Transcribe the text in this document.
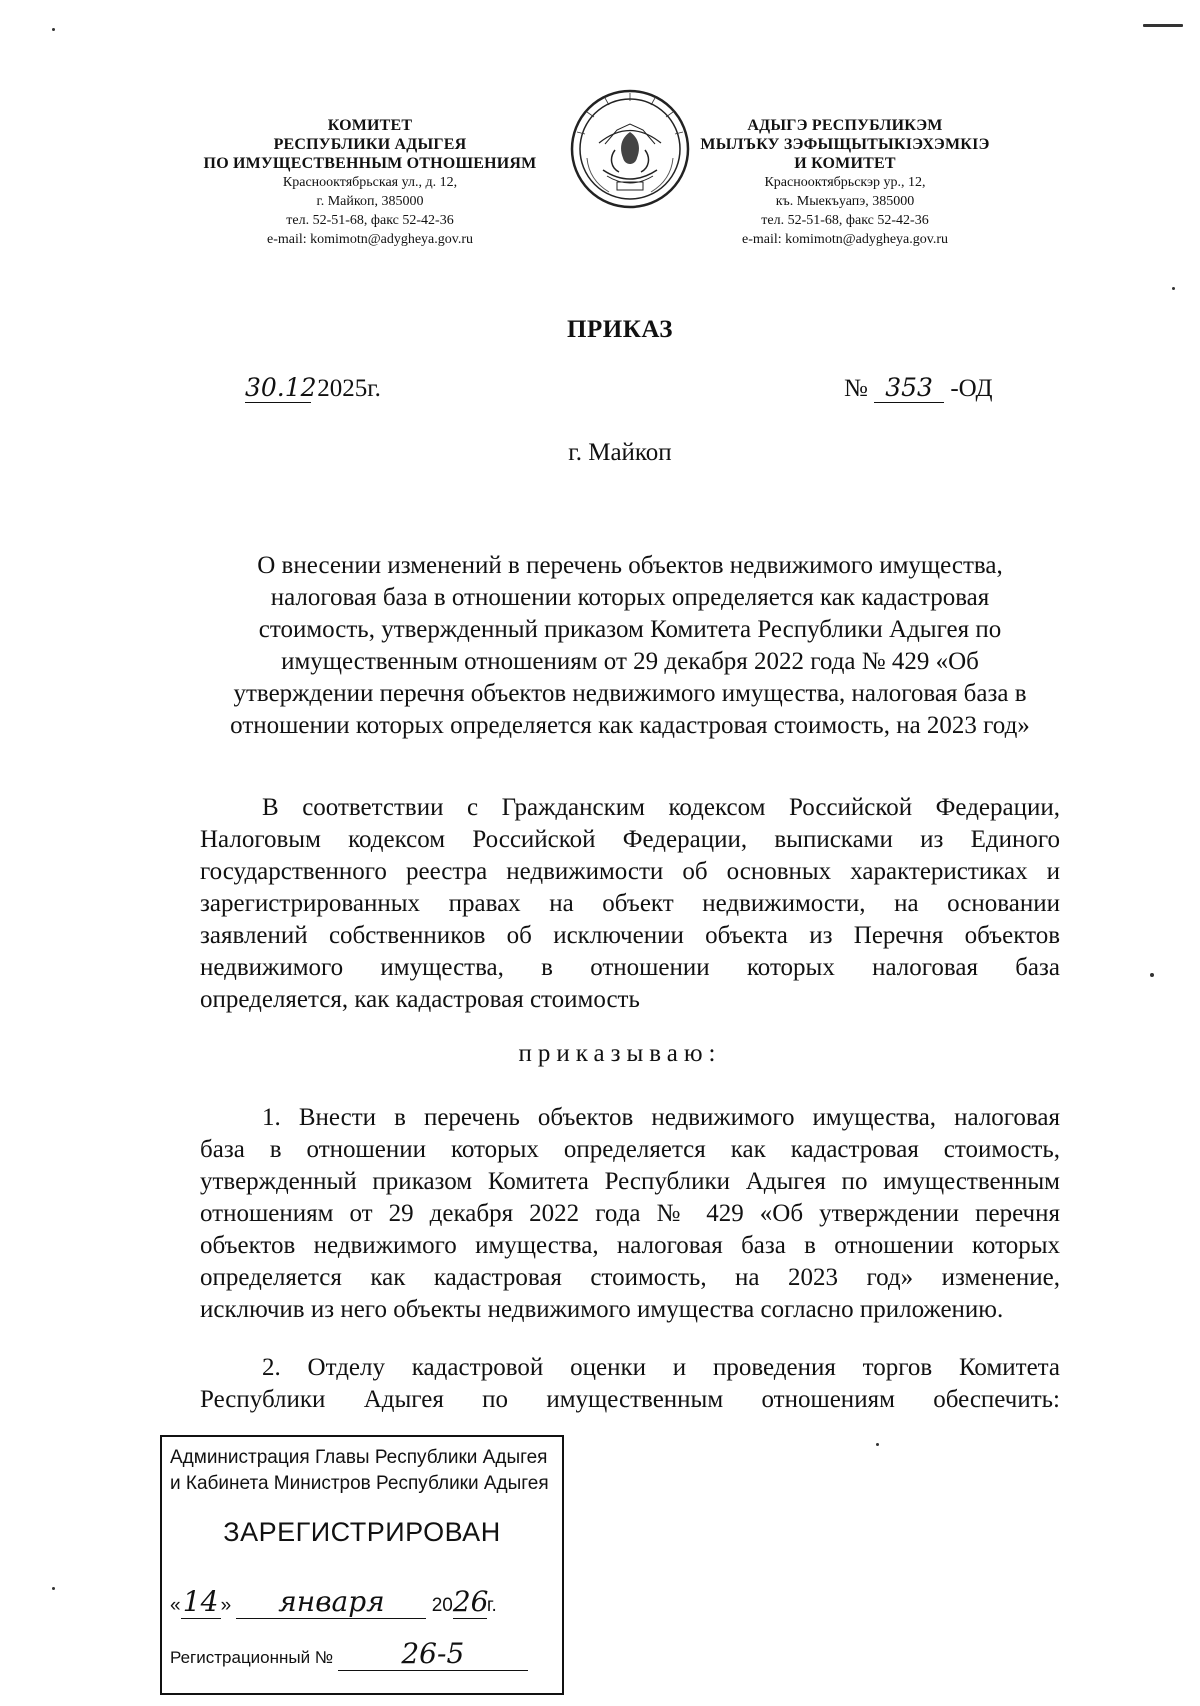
КОМИТЕТ
РЕСПУБЛИКИ АДЫГЕЯ
ПО ИМУЩЕСТВЕННЫМ ОТНОШЕНИЯМ
Краснооктябрьская ул., д. 12,
г. Майкоп, 385000
тел. 52-51-68, факс 52-42-36
e-mail: komimotn@adygheya.gov.ru
АДЫГЭ РЕСПУБЛИКЭМ
МЫЛЪКУ ЗЭФЫЩЫТЫКIЭХЭМКIЭ
И КОМИТЕТ
Краснооктябрьскэр ур., 12,
къ. Мыекъуапэ, 385000
тел. 52-51-68, факс 52-42-36
e-mail: komimotn@adygheya.gov.ru
ПРИКАЗ
30.12 2025г.	№ 353 -ОД
г. Майкоп
О внесении изменений в перечень объектов недвижимого имущества,
налоговая база в отношении которых определяется как кадастровая
стоимость, утвержденный приказом Комитета Республики Адыгея по
имущественным отношениям от 29 декабря 2022 года № 429 «Об
утверждении перечня объектов недвижимого имущества, налоговая база в
отношении которых определяется как кадастровая стоимость, на 2023 год»
В соответствии с Гражданским кодексом Российской Федерации,
Налоговым кодексом Российской Федерации, выписками из Единого
государственного реестра недвижимости об основных характеристиках и
зарегистрированных правах на объект недвижимости, на основании
заявлений собственников об исключении объекта из Перечня объектов
недвижимого имущества, в отношении которых налоговая база
определяется, как кадастровая стоимость
приказываю:
1. Внести в перечень объектов недвижимого имущества, налоговая
база в отношении которых определяется как кадастровая стоимость,
утвержденный приказом Комитета Республики Адыгея по имущественным
отношениям от 29 декабря 2022 года № 429 «Об утверждении перечня
объектов недвижимого имущества, налоговая база в отношении которых
определяется как кадастровая стоимость, на 2023 год» изменение,
исключив из него объекты недвижимого имущества согласно приложению.
2. Отделу кадастровой оценки и проведения торгов Комитета
Республики Адыгея по имущественным отношениям обеспечить:
Администрация Главы Республики Адыгея
и Кабинета Министров Республики Адыгея
ЗАРЕГИСТРИРОВАН
«14 » января 2026г.
Регистрационный № 26-5
